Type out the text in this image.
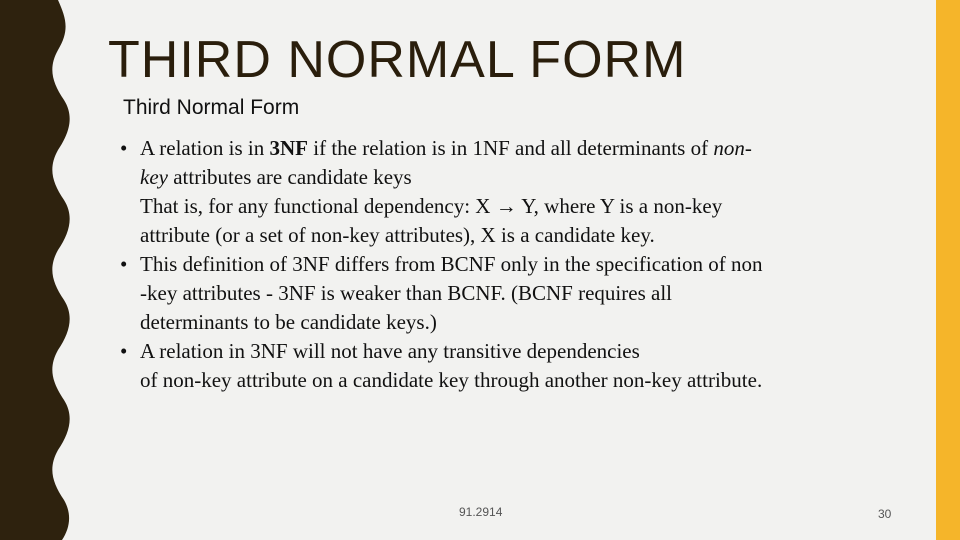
THIRD NORMAL FORM
Third Normal Form
• A relation is in 3NF if the relation is in 1NF and all determinants of non-
key attributes are candidate keys
That is, for any functional dependency: X → Y, where Y is a non-key
attribute (or a set of non-key attributes), X is a candidate key.
• This definition of 3NF differs from BCNF only in the specification of non
-key attributes - 3NF is weaker than BCNF. (BCNF requires all
determinants to be candidate keys.)
• A relation in 3NF will not have any transitive dependencies
of non-key attribute on a candidate key through another non-key attribute.
91.2914	30
